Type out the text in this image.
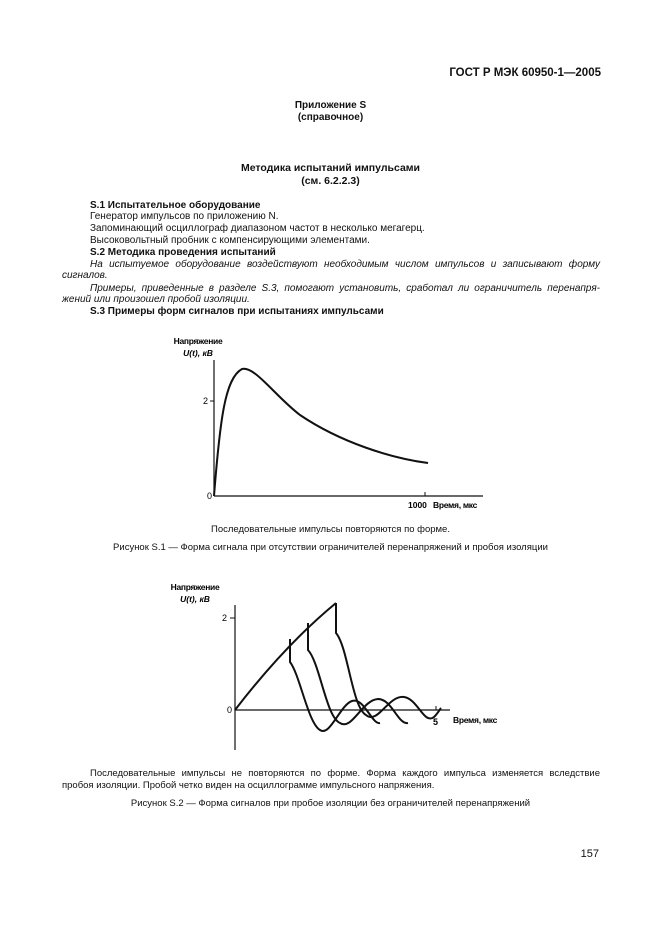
ГОСТ Р МЭК 60950-1—2005
Приложение S
(справочное)
Методика испытаний импульсами
(см. 6.2.2.3)
S.1 Испытательное оборудование
Генератор импульсов по приложению N.
Запоминающий осциллограф диапазоном частот в несколько мегагерц.
Высоковольтный пробник с компенсирующими элементами.
S.2 Методика проведения испытаний
На испытуемое оборудование воздействуют необходимым числом импульсов и записывают форму
сигналов.
Примеры, приведенные в разделе S.3, помогают установить, сработал ли ограничитель перенапря-
жений или произошел пробой изоляции.
S.3 Примеры форм сигналов при испытаниях импульсами
Напряжение
U(t), кВ
2
0
1000 Время, мкс
Последовательные импульсы повторяются по форме.
Рисунок S.1 — Форма сигнала при отсутствии ограничителей перенапряжений и пробоя изоляции
Напряжение
U(t), кВ
2
0
5 Время, мкс
Последовательные импульсы не повторяются по форме. Форма каждого импульса изменяется вследствие
пробоя изоляции. Пробой четко виден на осциллограмме импульсного напряжения.
Рисунок S.2 — Форма сигналов при пробое изоляции без ограничителей перенапряжений
157
